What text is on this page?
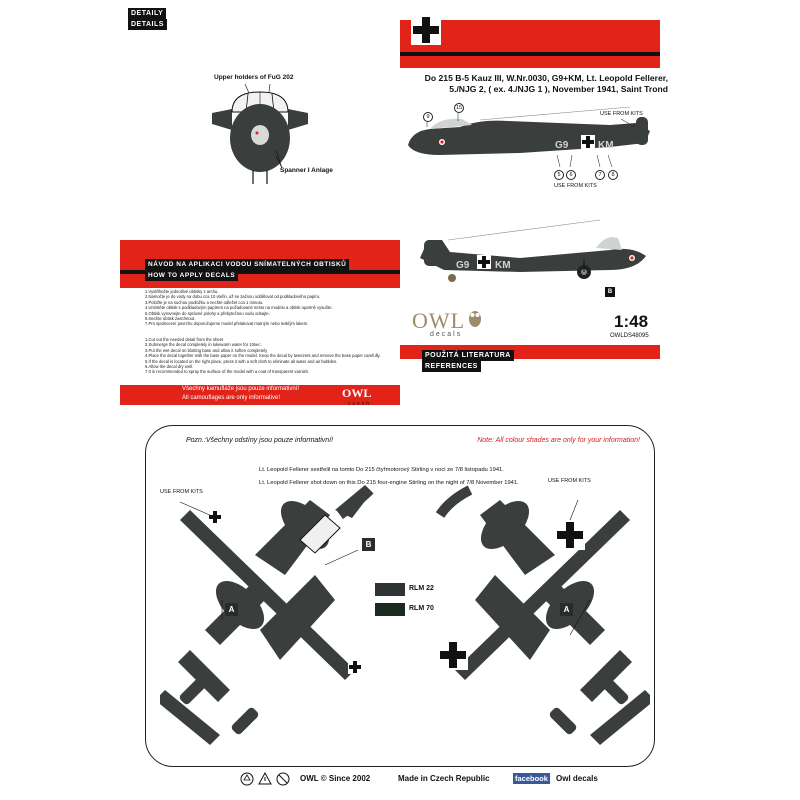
DETAILY
DETAILS
Upper holders of FuG 202
Spanner I Anlage
Do 215 B-5 Kauz III, W.Nr.0030, G9+KM, Lt. Leopold Fellerer,
5./NJG 2, ( ex. 4./NJG 1 ), November 1941, Saint Trond
G9	KM
9
15
USE FROM KITS
5	6	7	8
USE FROM KITS
G9	KM
B
OWL
decals
1:48
OWLDS48095
POUŽITÁ LITERATURA
REFERENCES
NÁVOD NA APLIKACI VODOU SNÍMATELNÝCH OBTISKŮ
HOW TO APPLY DECALS
1.Vystřihněte jednotlivé obtisky z archu.
2.Namočte je do vody na dobu cca 10 vteřin, až se začnou oddělovat od podkladového papíru.
3.Položte je na suchou podložku a nechte odležet cca 1 minutu.
4.Umístěte obtisk s podkladovým papírem na požadované místo na modelu a obtisk opatrně vysuňte.
5.Obtisk vyrovnejte do správné polohy a přebytečnou vodu odsajte.
6.Nechte obtisk zaschnout.
7.Pro sjednocení povrchu doporučujeme model přelakovat matným nebo lesklým lakem.
1.Cut out the needed detail from the sheet
2.Submerge the decal completely in lukewarm water for 10sec.
3.Put the wet decal on blotting base and allow it soften completely
4.Place the decal together with the base paper on the model. Keep the decal by tweezers and remove the base paper carefully.
5.If the decal is located on the right place, press it with a soft cloth to eliminate all water and air bubbles.
6.Allow the decal dry well.
7.It is recommended to spray the surface of the model with a coat of transparent varnish.
Všechny kamufláže jsou pouze informativní!
All camouflages are only informative!	OWL
czech
Pozn.:Všechny odstíny jsou pouze informativní!	Note: All colour shades are only for your information!
Lt. Leopold Fellerer sestřelil na tomto Do 215 čtyřmotorový Stirling v noci ze 7/8 listopadu 1941.
Lt. Leopold Fellerer shot down on this Do 215 four-engine Stirling on the night of 7/8 November 1941.
USE FROM KITS
A
B
RLM 22
RLM 70
USE FROM KITS
A
OWL © Since 2002	Made in Czech Republic	facebook Owl decals
